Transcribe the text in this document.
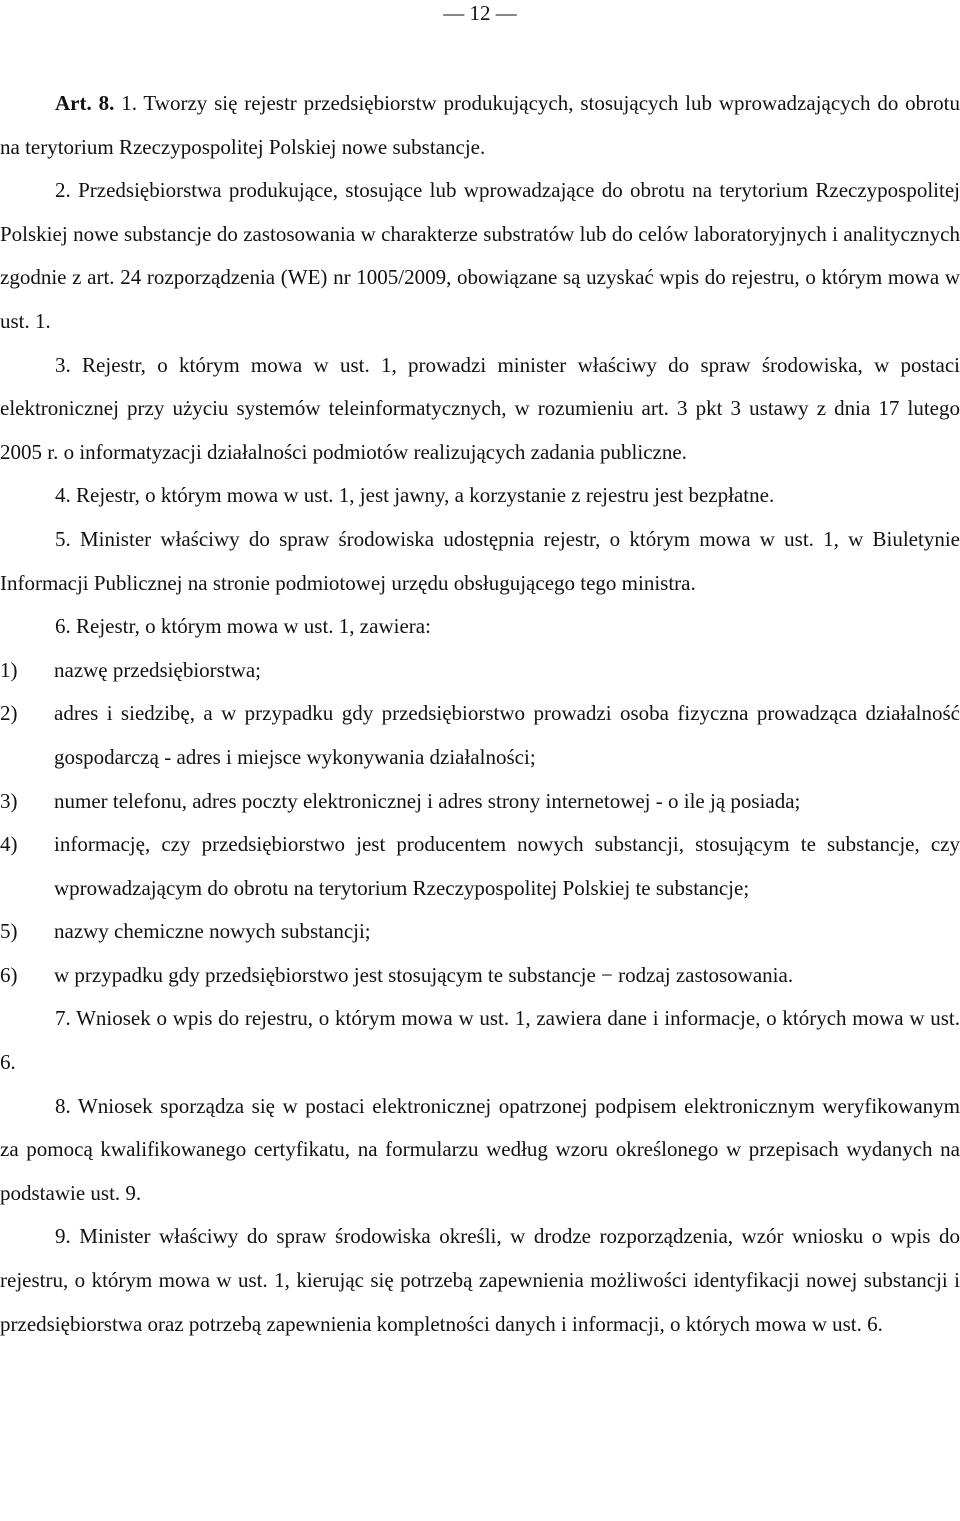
— 12 —

Art. 8. 1. Tworzy się rejestr przedsiębiorstw produkujących, stosujących lub wprowadzających do obrotu na terytorium Rzeczypospolitej Polskiej nowe substancje.

2. Przedsiębiorstwa produkujące, stosujące lub wprowadzające do obrotu na terytorium Rzeczypospolitej Polskiej nowe substancje do zastosowania w charakterze substratów lub do celów laboratoryjnych i analitycznych zgodnie z art. 24 rozporządzenia (WE) nr 1005/2009, obowiązane są uzyskać wpis do rejestru, o którym mowa w ust. 1.

3. Rejestr, o którym mowa w ust. 1, prowadzi minister właściwy do spraw środowiska, w postaci elektronicznej przy użyciu systemów teleinformatycznych, w rozumieniu art. 3 pkt 3 ustawy z dnia 17 lutego 2005 r. o informatyzacji działalności podmiotów realizujących zadania publiczne.

4. Rejestr, o którym mowa w ust. 1, jest jawny, a korzystanie z rejestru jest bezpłatne.

5. Minister właściwy do spraw środowiska udostępnia rejestr, o którym mowa w ust. 1, w Biuletynie Informacji Publicznej na stronie podmiotowej urzędu obsługującego tego ministra.

6. Rejestr, o którym mowa w ust. 1, zawiera:

1)	nazwę przedsiębiorstwa;
2)	adres i siedzibę, a w przypadku gdy przedsiębiorstwo prowadzi osoba fizyczna prowadząca działalność gospodarczą - adres i miejsce wykonywania działalności;
3)	numer telefonu, adres poczty elektronicznej i adres strony internetowej - o ile ją posiada;
4)	informację, czy przedsiębiorstwo jest producentem nowych substancji, stosującym te substancje, czy wprowadzającym do obrotu na terytorium Rzeczypospolitej Polskiej te substancje;
5)	nazwy chemiczne nowych substancji;
6)	w przypadku gdy przedsiębiorstwo jest stosującym te substancje − rodzaj zastosowania.

7. Wniosek o wpis do rejestru, o którym mowa w ust. 1, zawiera dane i informacje, o których mowa w ust. 6.

8. Wniosek sporządza się w postaci elektronicznej opatrzonej podpisem elektronicznym weryfikowanym za pomocą kwalifikowanego certyfikatu, na formularzu według wzoru określonego w przepisach wydanych na podstawie ust. 9.

9. Minister właściwy do spraw środowiska określi, w drodze rozporządzenia, wzór wniosku o wpis do rejestru, o którym mowa w ust. 1, kierując się potrzebą zapewnienia możliwości identyfikacji nowej substancji i przedsiębiorstwa oraz potrzebą zapewnienia kompletności danych i informacji, o których mowa w ust. 6.
